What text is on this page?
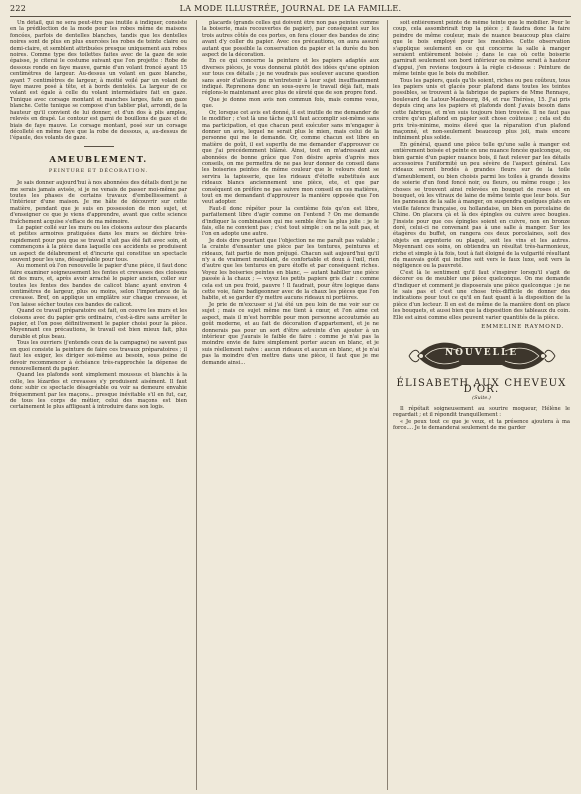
222	LA MODE ILLUSTRÉE, JOURNAL DE LA FAMILLE.

Un détail, qui ne sera peut-être pas inutile à indiquer, consiste en la prédilection de la mode pour les robes même de maisons foncées, parfois de dentelles blanches, tandis que les dentelles noires sont de plus en plus exercées les robes de teinte claire ou demi-claire, et semblent attribuées presque uniquement aux robes noires. Comme type des toilettes faites avec de la gaze de soie épaisse, je citerai le costume suivant que l'on projette : Robe de dessous ronde en faye mauve, garnie d'un volant froncé ayant 15 centimètres de largeur. Au-dessus un volant en gaze blanche, ayant 7 centimètres de largeur, à moitié voilé par un volant de faye mauve posé à tête, et à bords dentelés. La largeur de ce volant est égale à celle du volant intermédiaire fait en gaze. Tunique avec corsage montant et manches larges, faite en gaze blanche. Cette tunique se compose d'un tablier plat, arrondi, de la hauteur qu'il convient de lui donner, et d'un dos à plis amples, relevés en drapé. Le contour est garni de bouillons de gaze et de biais de faye mauve. Le corsage montant, posé sur un corsage décolleté en même faye que la robe de dessous, a, au-dessus de l'épaule, des volants de gaze.

AMEUBLEMENT.
PEINTURE ET DÉCORATION.

Je sais donner aujourd'hui à nos abonnées des détails dont je ne me serais jamais avisée, si je ne venais de passer moi-même par toutes les phases de certains travaux d'embellissement à l'intérieur d'une maison. Je me hâte de découvrir sur cette matière, pendant que je suis en possession de mon sujet, et d'enseigner ce que je viens d'apprendre, avant que cette science fraîchement acquise s'efface de ma mémoire.

Le papier collé sur les murs ou les cloisons autour des placards et petites armoires pratiquées dans les murs se déchire très-rapidement pour peu que se travail n'ait pas été fait avec soin, et commençons à la pièce dans laquelle ces accidents se produisent un aspect de délabrement et d'incurie qui constitue un spectacle souvent pour les uns, désagréable pour tous.

Au moment où l'on renouvelle le papier d'une pièce, il faut donc faire examiner soigneusement les fentes et crevasses des cloisons et des murs, et, après avoir arraché le papier ancien, coller sur toutes les fentes des bandes de calicot blanc ayant environ 4 centimètres de largeur, plus ou moins, selon l'importance de la crevasse. Bref, on applique un emplâtre sur chaque crevasse, et l'on laisse sécher toutes ces bandes de calicot.

Quand ce travail préparatoire est fait, on couvre les murs et les cloisons avec du papier gris ordinaire, c'est-à-dire sans arrêter le papier, et l'on pose définitivement le papier choisi pour la pièce. Moyennant ces précautions, le travail est bien mieux fait, plus durable et plus beau.

Tous les ouvriers (j'entends ceux de la campagne) ne savent pas en quoi consiste la peinture de faire ces travaux préparatoires ; il faut les exiger, les diriger soi-même au besoin, sous peine de devoir recommencer à échéance très-rapprochée la dépense de renouvellement du papier.

Quand les plafonds sont simplement moussus et blanchis à la colle, les lézardes et crevasses s'y produisent aisément. Il faut donc subir ce spectacle désagréable ou voir sa demeure envahie fréquemment par les maçons... presque inévitable s'il en fut, car, de tous les corps de métier, celui des maçons est bien certainement le plus affligeant à introduire dans son logis.

placards (grands celles qui doivent être non pas peintes comme la boiserie, mais recouvertes de papier), par conséquent sur les trois autres côtés de ces portes, on fera clouer des bandes de zinc avant d'y coller du papier. Avec ces précautions, on aura assuré autant que possible la conservation du papier et la durée du bon aspect de la décoration.

En ce qui concerne la peinture et les papiers adaptés aux diverses pièces, je vous donnerai plutôt des idées qu'une opinion sur tous ces détails ; je ne voudrais pas soulever aucune question sans avoir d'ailleurs pu m'entretenir à leur sujet insuffisamment indiqué. Reprenons donc un sous-ouvre le travail déjà fait, mais réglons-le maintenant avec plus de sûreté que de son propre fond.

Que je donne mon avis non commun fois, mais comme vous, que.

Or, lorsque cet avis est donné, il est inutile de me demander de le modifier ; c'est là une tâche qu'il faut accomplir soi-même sans ma participation, et que chacun peut exécuter sans m'engager à donner un avis, lequel ne serait plus le mien, mais celui de la personne qui me le demande. Or, comme chacun est libre en matière de goût, il est superflu de me demander d'approuver ce que j'ai précédemment blâmé. Ainsi, tout en m'adressant aux abonnées de bonne grâce que l'on désire après d'après mes conseils, on me permettra de ne pas leur donner de conseil dans les boiseries peintes de même couleur que le velours dont se servira la tapisserie, que les rideaux d'étoffe substitués aux rideaux blancs anciennement une pièce, ete, et que par conséquent on préfère ne pas suivre mon conseil en ces matières, tout en me demandant d'approuver la manière opposée que l'on veut adopter.

Faut-il donc répéter pour la centième fois qu'on est libre, parfaitement libre d'agir comme on l'entend ? On me demande d'indiquer la combinaison qui me semble être la plus jolie : je le fais, elle ne convient pas ; c'est tout simple : on ne la suit pas, et l'on en adopte une autre.

Je dois dire pourtant que l'objection ne me paraît pas valable ; la crainte d'ensanter une pièce par les tentures, peintures et rideaux, fait partie de mon préjugé. Chacun sait aujourd'hui qu'il n'y a de vraiment meublant, de confortable et doux à l'œil, rien d'autre que les tentures en pure étoffe et par conséquent riches. Voyez les boiseries peintes en blanc, — autant habiller une pièce passée à la chaux ; — voyez les petits papiers gris clair : comme cela est un peu froid, pauvre ! Il faudrait, pour être logique dans cette voie, faire badigeonner avec de la chaux les pièces que l'on habite, et se garder d'y mettre aucuns rideaux ni portières.

Je prie de m'excuser si j'ai été un peu loin de me voir sur ce sujet ; mais ce sujet même me tient à cœur, et l'on aime cet aspect, mais il m'est horrible pour mon personne accoutumée au goût moderne, et au fait de décoration d'appartement, et je ne donnerais pas pour un sort d'être astreinte d'en ajouter à un intérieur que j'aurais le faible de faire : comme je n'ai pas la moindre envie de faire simplement porter aucun en blanc, et je suis réellement naïve : aucun rideaux et aucun en blanc, et je n'ai pas la moindre d'en mettre dans une pièce, il faut que je me demande ainsi...

soit entièrement peinte de même teinte que le mobilier. Pour le coup, cela assombrirait trop la pièce ; il faudra donc la faire peindre de même couleur, mais de nuance beaucoup plus claire que le bois employé pour les meubles. Cette observation s'applique seulement en ce qui concerne la salle à manger seraient entièrement boisée ; dans le cas où cette boiserie garnirait seulement son bord inférieur ou même serait à hauteur d'appui, j'en reviens toujours à la règle ci-dessus : Peinture de même teinte que le bois du mobilier.

Tous les papiers, quels qu'ils soient, riches ou peu coûteux, tous les papiers unis et glacés pour plafond dans toutes les teintes possibles, se trouvent à la fabrique de papiers de Mme Rennaye, boulevard de Latour-Maubourg, 84, et rue Thérèse, 15. J'ai pris depuis cinq ans les papiers et plafonds dont j'avais besoin dans cette fabrique, et m'en suis toujours bien trouvée. Il ne faut pas croire qu'un plafond en papier soit chose coûteuse ; cela est du prix très-minime, moins élevé que la réparation d'un plafond maçonné, et non-seulement beaucoup plus joli, mais encore infiniment plus solide.

En général, quand une pièce telle qu'une salle à manger est entièrement boisée et peinte en une nuance foncée quelconque, ou bien garnie d'un papier nuance bois, il faut relever par les détails accessoires l'uniformité un peu sévère de l'aspect général. Les rideaux seront brodés à grandes fleurs sur de la toile d'ameublement, ou bien choisis parmi les toiles à grands dessins de soierie d'un fond foncé noir, ou fleurs, ou même rouge ; les choses se trouvent ainsi relevées en bouquet de roses et en bouquet, où les vitraux de laine de même teinte que leur bois. Sur les panneaux de la salle à manger, on suspendra quelques plats en vieille faïence française, ou hollandaise, un bien en porcelaine de Chine. On placera çà et là des épingles ou cuivre avec bougies. J'insiste pour que ces épingles soient en cuivre, non en bronze doré, celui-ci ne convenant pas à une salle à manger. Sur les étagères du buffet, on rangera ces deux porcelaines, soit des objets en argenterie ou plaqué, soit les vins et les autres. Moyennant ces soins, on obtiendra un résultat très-harmonieux, riche et simple à la fois, tout à fait éloigné de la vulgarité résultant du mauvais goût qui incline soit vers le faux luxe, soit vers la négligence ou la pauvreté.

C'est là le sentiment qu'il faut s'inspirer lorsqu'il s'agit de décorer ou de meubler une pièce quelconque. On me demande d'indiquer et comment je disposerais une pièce quelconque : je ne le sais pas et c'est une chose très-difficile de donner des indications pour tout ce qu'il en faut quant à la disposition de la pièce d'un lecteur. Il en est de même de la manière dont on place les bouquets, et aussi bien que la disposition des tableaux du coin. Elle est ainsi comme elles peuvent varier quantités de la pièce.

EMMELINE RAYMOND.
NOUVELLE
ÉLISABETH AUX CHEVEUX D'OR.
(Suite.)

Il répétait soigneusement au sourire moqueur, Hélène le regardait ; et il répondit tranquillement :

« Je peux tout ce que je veux, et ta présence ajoutera à ma force.... Je te demanderai seulement de me garder
